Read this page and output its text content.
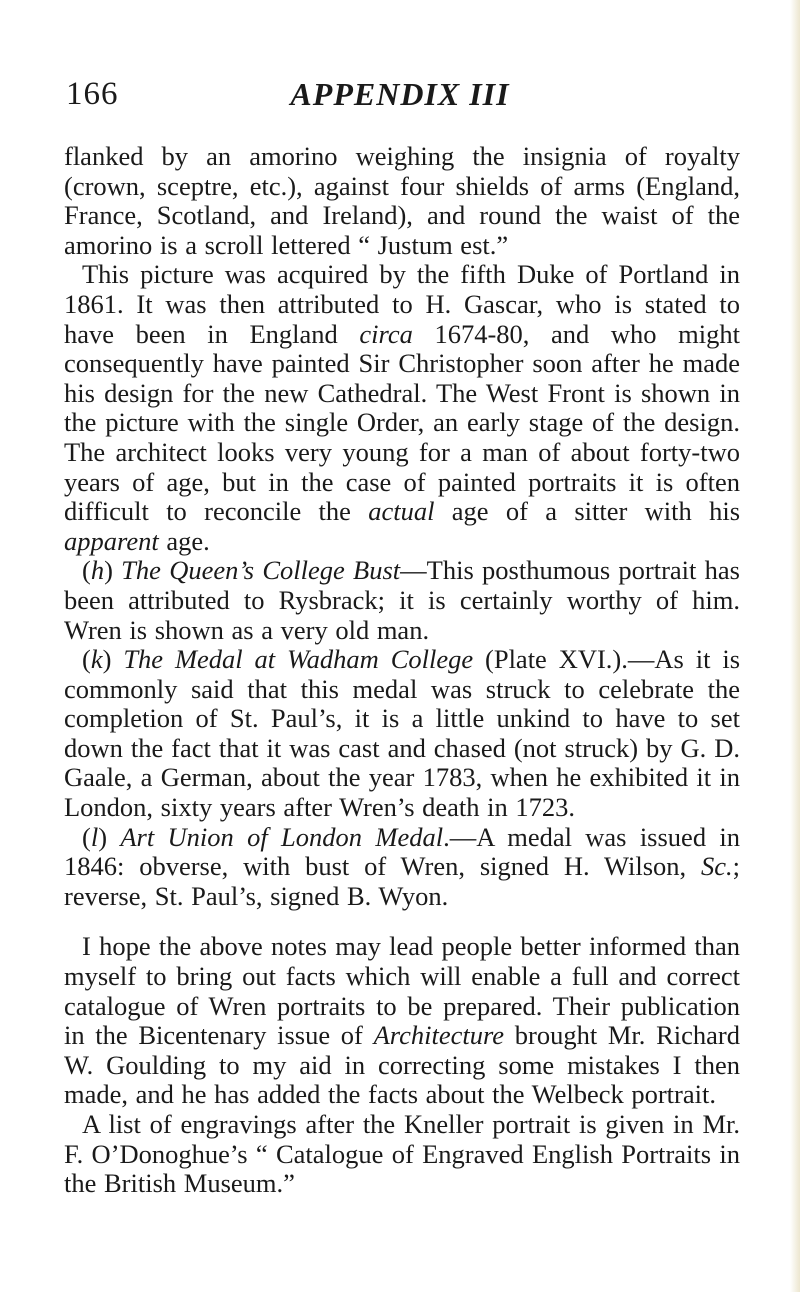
166	APPENDIX III

flanked by an amorino weighing the insignia of royalty (crown, sceptre, etc.), against four shields of arms (England, France, Scotland, and Ireland), and round the waist of the amorino is a scroll lettered “ Justum est.”

This picture was acquired by the fifth Duke of Portland in 1861. It was then attributed to H. Gascar, who is stated to have been in England circa 1674-80, and who might consequently have painted Sir Christopher soon after he made his design for the new Cathedral. The West Front is shown in the picture with the single Order, an early stage of the design. The architect looks very young for a man of about forty-two years of age, but in the case of painted portraits it is often difficult to reconcile the actual age of a sitter with his apparent age.

(h) The Queen’s College Bust—This posthumous portrait has been attributed to Rysbrack; it is certainly worthy of him. Wren is shown as a very old man.

(k) The Medal at Wadham College (Plate XVI.).—As it is commonly said that this medal was struck to celebrate the completion of St. Paul’s, it is a little unkind to have to set down the fact that it was cast and chased (not struck) by G. D. Gaale, a German, about the year 1783, when he exhibited it in London, sixty years after Wren’s death in 1723.

(l) Art Union of London Medal.—A medal was issued in 1846: obverse, with bust of Wren, signed H. Wilson, Sc.; reverse, St. Paul’s, signed B. Wyon.

I hope the above notes may lead people better informed than myself to bring out facts which will enable a full and correct catalogue of Wren portraits to be prepared. Their publication in the Bicentenary issue of Architecture brought Mr. Richard W. Goulding to my aid in correcting some mistakes I then made, and he has added the facts about the Welbeck portrait.

A list of engravings after the Kneller portrait is given in Mr. F. O’Donoghue’s “ Catalogue of Engraved English Portraits in the British Museum.”
